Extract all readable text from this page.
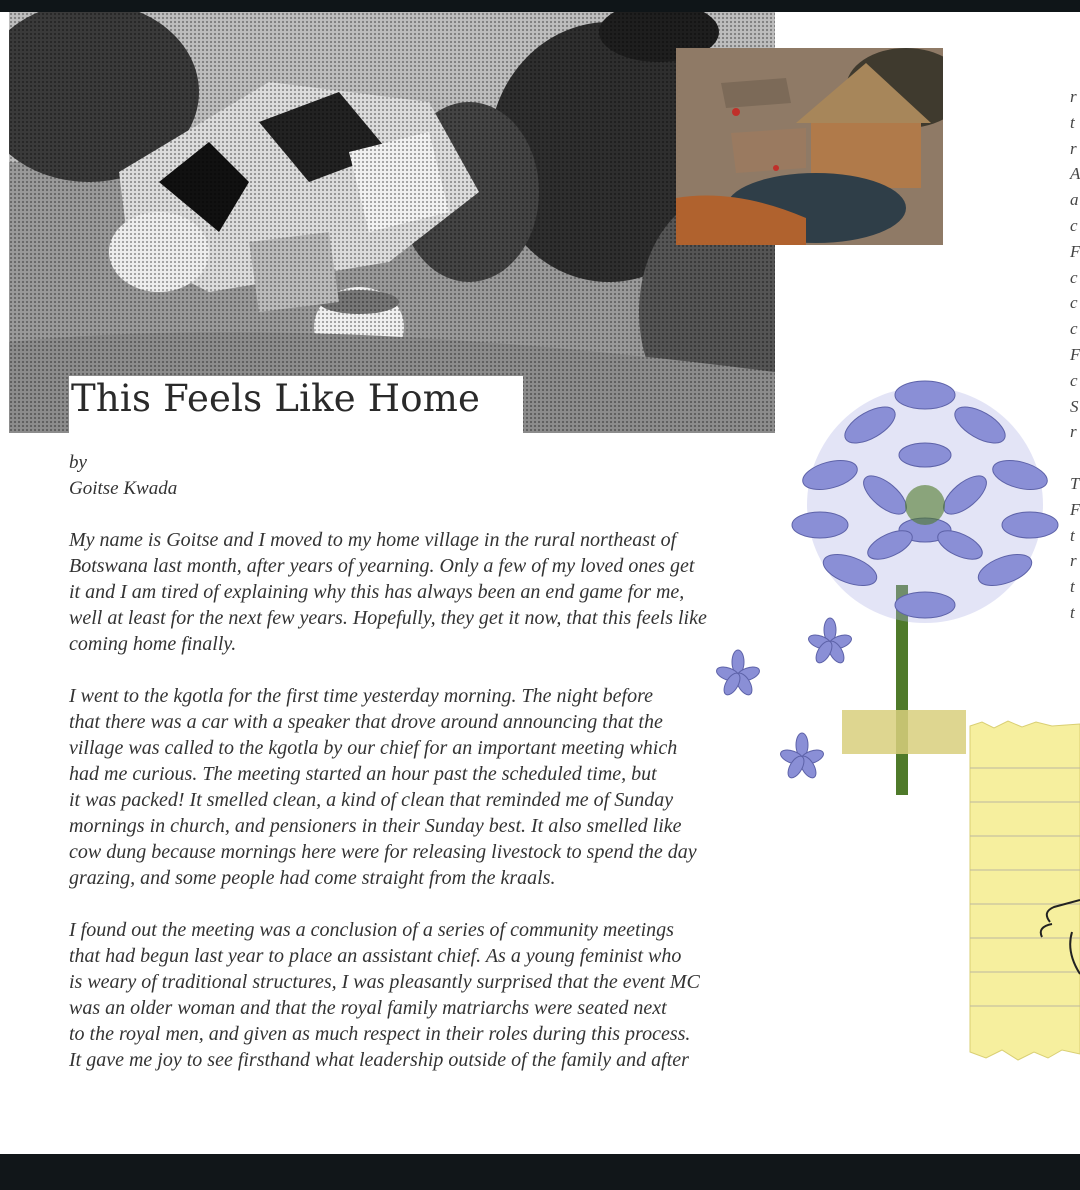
This Feels Like Home
by
Goitse Kwada

My name is Goitse and I moved to my home village in the rural northeast of
Botswana last month, after years of yearning. Only a few of my loved ones get
it and I am tired of explaining why this has always been an end game for me,
well at least for the next few years. Hopefully, they get it now, that this feels like
coming home finally.

I went to the kgotla for the first time yesterday morning. The night before
that there was a car with a speaker that drove around announcing that the
village was called to the kgotla by our chief for an important meeting which
had me curious. The meeting started an hour past the scheduled time, but
it was packed! It smelled clean, a kind of clean that reminded me of Sunday
mornings in church, and pensioners in their Sunday best. It also smelled like
cow dung because mornings here were for releasing livestock to spend the day
grazing, and some people had come straight from the kraals.

I found out the meeting was a conclusion of a series of community meetings
that had begun last year to place an assistant chief. As a young feminist who
is weary of traditional structures, I was pleasantly surprised that the event MC
was an older woman and that the royal family matriarchs were seated next
to the royal men, and given as much respect in their roles during this process.
It gave me joy to see firsthand what leadership outside of the family and after

r
t
r
A
a
c
F
c
c
c
F
c
S
r

T
F
t
r
t
t
